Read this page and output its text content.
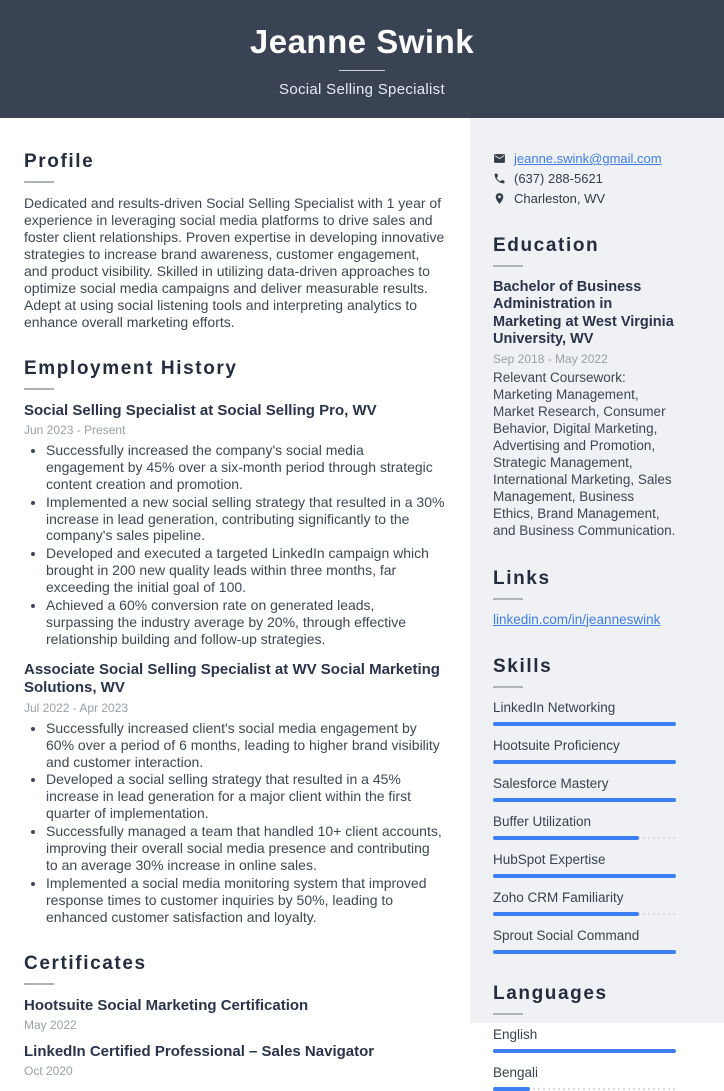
Jeanne Swink
Social Selling Specialist
Profile

Dedicated and results-driven Social Selling Specialist with 1 year of experience in leveraging social media platforms to drive sales and foster client relationships. Proven expertise in developing innovative strategies to increase brand awareness, customer engagement, and product visibility. Skilled in utilizing data-driven approaches to optimize social media campaigns and deliver measurable results. Adept at using social listening tools and interpreting analytics to enhance overall marketing efforts.

Employment History

Social Selling Specialist at Social Selling Pro, WV

Jun 2023 - Present
• Successfully increased the company's social media engagement by 45% over a six-month period through strategic content creation and promotion.
• Implemented a new social selling strategy that resulted in a 30% increase in lead generation, contributing significantly to the company's sales pipeline.
• Developed and executed a targeted LinkedIn campaign which brought in 200 new quality leads within three months, far exceeding the initial goal of 100.
• Achieved a 60% conversion rate on generated leads, surpassing the industry average by 20%, through effective relationship building and follow-up strategies.

Associate Social Selling Specialist at WV Social Marketing Solutions, WV

Jul 2022 - Apr 2023
• Successfully increased client's social media engagement by 60% over a period of 6 months, leading to higher brand visibility and customer interaction.
• Developed a social selling strategy that resulted in a 45% increase in lead generation for a major client within the first quarter of implementation.
• Successfully managed a team that handled 10+ client accounts, improving their overall social media presence and contributing to an average 30% increase in online sales.
• Implemented a social media monitoring system that improved response times to customer inquiries by 50%, leading to enhanced customer satisfaction and loyalty.
Certificates

Hootsuite Social Marketing Certification

May 2022

LinkedIn Certified Professional – Sales Navigator

Oct 2020
jeanne.swink@gmail.com
(637) 288-5621
Charleston, WV
Education

Bachelor of Business Administration in Marketing at West Virginia University, WV

Sep 2018 - May 2022

Relevant Coursework: Marketing Management, Market Research, Consumer Behavior, Digital Marketing, Advertising and Promotion, Strategic Management, International Marketing, Sales Management, Business Ethics, Brand Management, and Business Communication.

Links
linkedin.com/in/jeanneswink
Skills
LinkedIn Networking
Hootsuite Proficiency
Salesforce Mastery
Buffer Utilization
HubSpot Expertise
Zoho CRM Familiarity
Sprout Social Command
Languages
English
Bengali
